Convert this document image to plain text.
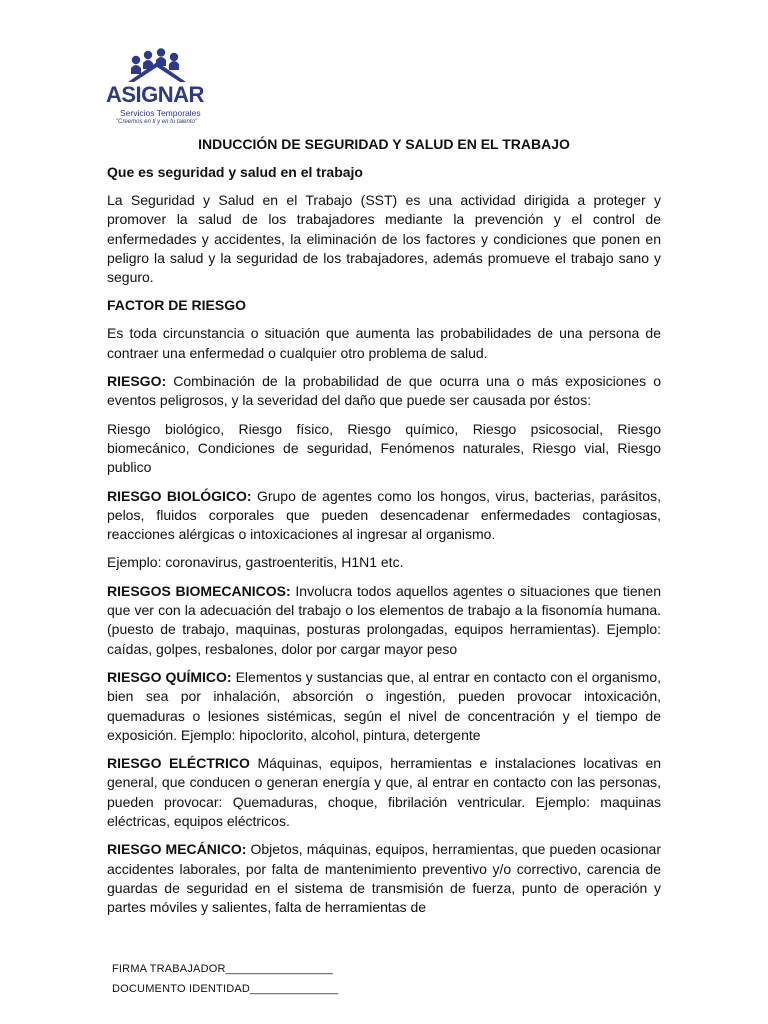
ASIGNAR
Servicios Temporales
"Creemos en ti y en tu talento"
INDUCCIÓN DE SEGURIDAD Y SALUD EN EL TRABAJO
Que es seguridad y salud en el trabajo

La Seguridad y Salud en el Trabajo (SST) es una actividad dirigida a proteger y promover la salud de los trabajadores mediante la prevención y el control de enfermedades y accidentes, la eliminación de los factores y condiciones que ponen en peligro la salud y la seguridad de los trabajadores, además promueve el trabajo sano y seguro.

FACTOR DE RIESGO

Es toda circunstancia o situación que aumenta las probabilidades de una persona de contraer una enfermedad o cualquier otro problema de salud.

RIESGO: Combinación de la probabilidad de que ocurra una o más exposiciones o eventos peligrosos, y la severidad del daño que puede ser causada por éstos:

Riesgo biológico, Riesgo físico, Riesgo químico, Riesgo psicosocial, Riesgo biomecánico, Condiciones de seguridad, Fenómenos naturales, Riesgo vial, Riesgo publico

RIESGO BIOLÓGICO: Grupo de agentes como los hongos, virus, bacterias, parásitos, pelos, fluidos corporales que pueden desencadenar enfermedades contagiosas, reacciones alérgicas o intoxicaciones al ingresar al organismo.

Ejemplo: coronavirus, gastroenteritis, H1N1 etc.

RIESGOS BIOMECANICOS: Involucra todos aquellos agentes o situaciones que tienen que ver con la adecuación del trabajo o los elementos de trabajo a la fisonomía humana. (puesto de trabajo, maquinas, posturas prolongadas, equipos herramientas). Ejemplo: caídas, golpes, resbalones, dolor por cargar mayor peso

RIESGO QUÍMICO: Elementos y sustancias que, al entrar en contacto con el organismo, bien sea por inhalación, absorción o ingestión, pueden provocar intoxicación, quemaduras o lesiones sistémicas, según el nivel de concentración y el tiempo de exposición. Ejemplo: hipoclorito, alcohol, pintura, detergente

RIESGO ELÉCTRICO Máquinas, equipos, herramientas e instalaciones locativas en general, que conducen o generan energía y que, al entrar en contacto con las personas, pueden provocar: Quemaduras, choque, fibrilación ventricular. Ejemplo: maquinas eléctricas, equipos eléctricos.

RIESGO MECÁNICO: Objetos, máquinas, equipos, herramientas, que pueden ocasionar accidentes laborales, por falta de mantenimiento preventivo y/o correctivo, carencia de guardas de seguridad en el sistema de transmisión de fuerza, punto de operación y partes móviles y salientes, falta de herramientas de

FIRMA TRABAJADOR_________________
DOCUMENTO IDENTIDAD______________
